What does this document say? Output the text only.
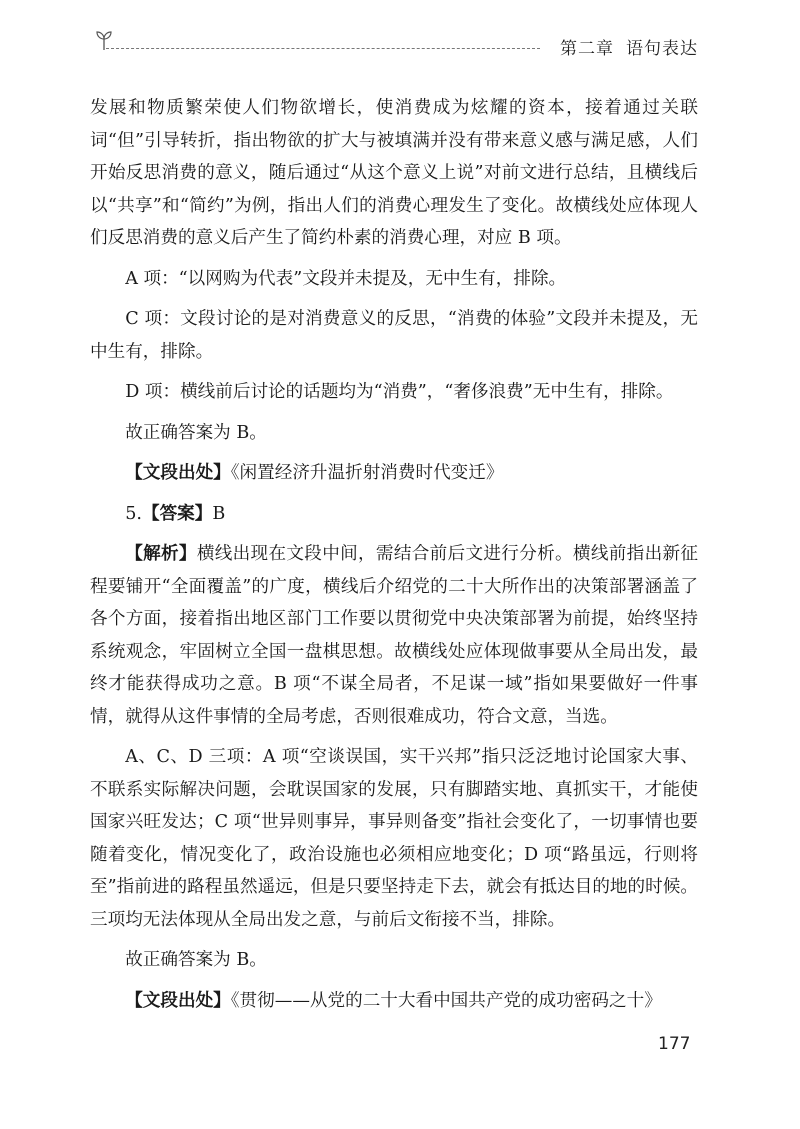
第二章 语句表达

发展和物质繁荣使人们物欲增长，使消费成为炫耀的资本，接着通过关联词“但”引导转折，指出物欲的扩大与被填满并没有带来意义感与满足感，人们开始反思消费的意义，随后通过“从这个意义上说”对前文进行总结，且横线后以“共享”和“简约”为例，指出人们的消费心理发生了变化。故横线处应体现人们反思消费的意义后产生了简约朴素的消费心理，对应 B 项。

A 项：“以网购为代表”文段并未提及，无中生有，排除。

C 项：文段讨论的是对消费意义的反思，“消费的体验”文段并未提及，无中生有，排除。

D 项：横线前后讨论的话题均为“消费”，“奢侈浪费”无中生有，排除。

故正确答案为 B。

【文段出处】《闲置经济升温折射消费时代变迁》

5.【答案】B

【解析】横线出现在文段中间，需结合前后文进行分析。横线前指出新征程要铺开“全面覆盖”的广度，横线后介绍党的二十大所作出的决策部署涵盖了各个方面，接着指出地区部门工作要以贯彻党中央决策部署为前提，始终坚持系统观念，牢固树立全国一盘棋思想。故横线处应体现做事要从全局出发，最终才能获得成功之意。B 项“不谋全局者，不足谋一域”指如果要做好一件事情，就得从这件事情的全局考虑，否则很难成功，符合文意，当选。

A、C、D 三项：A 项“空谈误国，实干兴邦”指只泛泛地讨论国家大事、不联系实际解决问题，会耽误国家的发展，只有脚踏实地、真抓实干，才能使国家兴旺发达；C 项“世异则事异，事异则备变”指社会变化了，一切事情也要随着变化，情况变化了，政治设施也必须相应地变化；D 项“路虽远，行则将至”指前进的路程虽然遥远，但是只要坚持走下去，就会有抵达目的地的时候。三项均无法体现从全局出发之意，与前后文衔接不当，排除。

故正确答案为 B。

【文段出处】《贯彻——从党的二十大看中国共产党的成功密码之十》

177
